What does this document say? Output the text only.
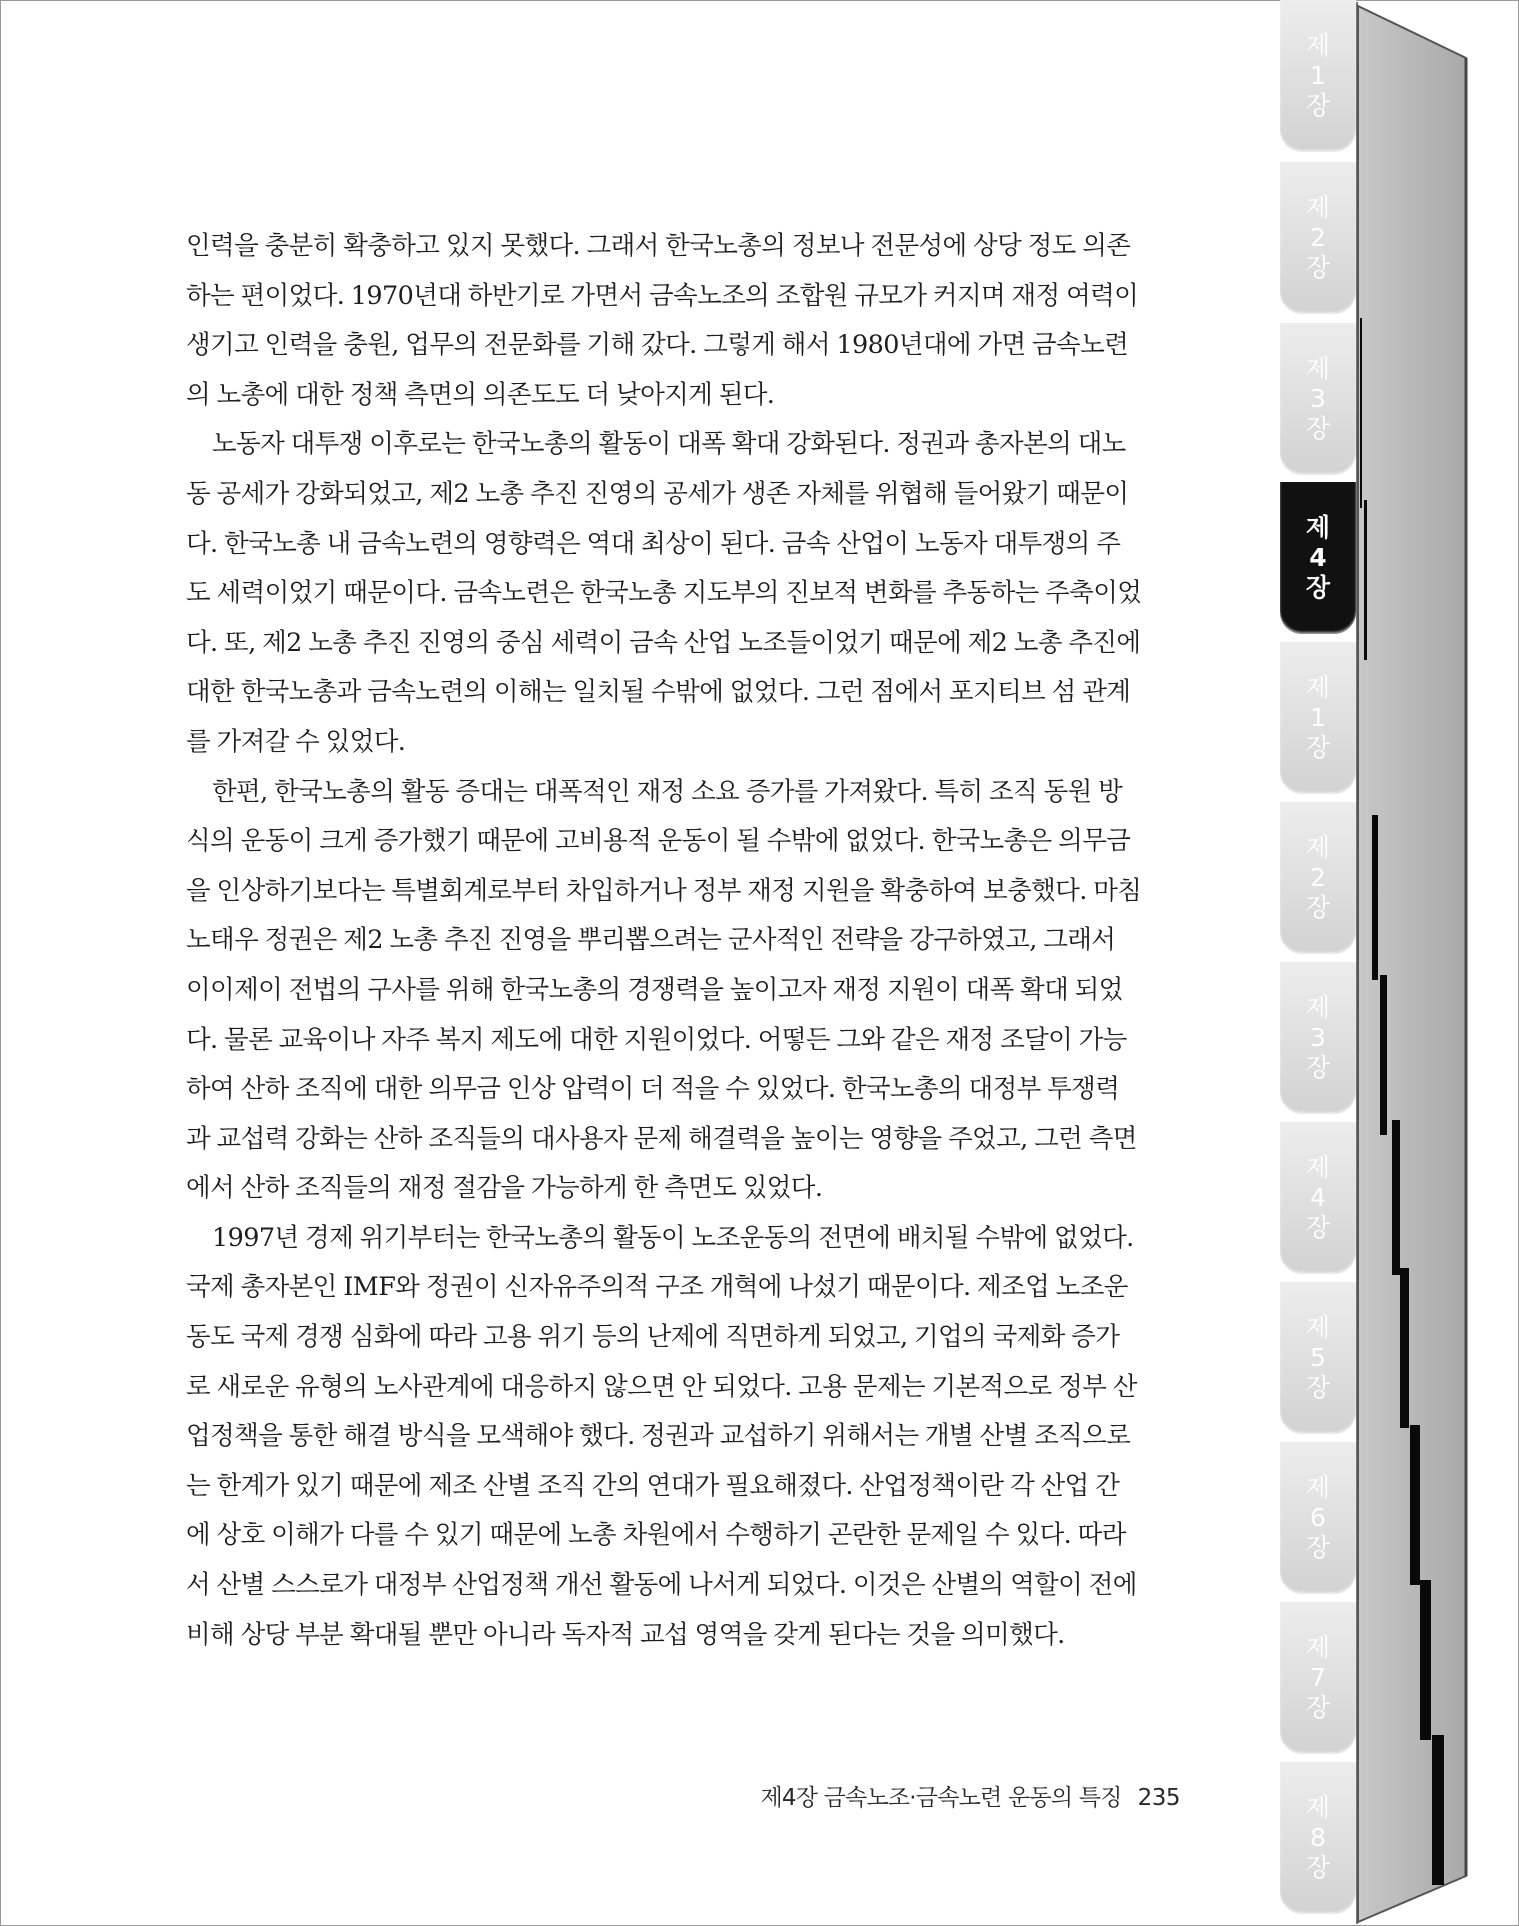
인력을 충분히 확충하고 있지 못했다. 그래서 한국노총의 정보나 전문성에 상당 정도 의존
하는 편이었다. 1970년대 하반기로 가면서 금속노조의 조합원 규모가 커지며 재정 여력이
생기고 인력을 충원, 업무의 전문화를 기해 갔다. 그렇게 해서 1980년대에 가면 금속노련
의 노총에 대한 정책 측면의 의존도도 더 낮아지게 된다.
노동자 대투쟁 이후로는 한국노총의 활동이 대폭 확대 강화된다. 정권과 총자본의 대노
동 공세가 강화되었고, 제2 노총 추진 진영의 공세가 생존 자체를 위협해 들어왔기 때문이
다. 한국노총 내 금속노련의 영향력은 역대 최상이 된다. 금속 산업이 노동자 대투쟁의 주
도 세력이었기 때문이다. 금속노련은 한국노총 지도부의 진보적 변화를 추동하는 주축이었
다. 또, 제2 노총 추진 진영의 중심 세력이 금속 산업 노조들이었기 때문에 제2 노총 추진에
대한 한국노총과 금속노련의 이해는 일치될 수밖에 없었다. 그런 점에서 포지티브 섬 관계
를 가져갈 수 있었다.
한편, 한국노총의 활동 증대는 대폭적인 재정 소요 증가를 가져왔다. 특히 조직 동원 방
식의 운동이 크게 증가했기 때문에 고비용적 운동이 될 수밖에 없었다. 한국노총은 의무금
을 인상하기보다는 특별회계로부터 차입하거나 정부 재정 지원을 확충하여 보충했다. 마침
노태우 정권은 제2 노총 추진 진영을 뿌리뽑으려는 군사적인 전략을 강구하였고, 그래서
이이제이 전법의 구사를 위해 한국노총의 경쟁력을 높이고자 재정 지원이 대폭 확대 되었
다. 물론 교육이나 자주 복지 제도에 대한 지원이었다. 어떻든 그와 같은 재정 조달이 가능
하여 산하 조직에 대한 의무금 인상 압력이 더 적을 수 있었다. 한국노총의 대정부 투쟁력
과 교섭력 강화는 산하 조직들의 대사용자 문제 해결력을 높이는 영향을 주었고, 그런 측면
에서 산하 조직들의 재정 절감을 가능하게 한 측면도 있었다.
1997년 경제 위기부터는 한국노총의 활동이 노조운동의 전면에 배치될 수밖에 없었다.
국제 총자본인 IMF와 정권이 신자유주의적 구조 개혁에 나섰기 때문이다. 제조업 노조운
동도 국제 경쟁 심화에 따라 고용 위기 등의 난제에 직면하게 되었고, 기업의 국제화 증가
로 새로운 유형의 노사관계에 대응하지 않으면 안 되었다. 고용 문제는 기본적으로 정부 산
업정책을 통한 해결 방식을 모색해야 했다. 정권과 교섭하기 위해서는 개별 산별 조직으로
는 한계가 있기 때문에 제조 산별 조직 간의 연대가 필요해졌다. 산업정책이란 각 산업 간
에 상호 이해가 다를 수 있기 때문에 노총 차원에서 수행하기 곤란한 문제일 수 있다. 따라
서 산별 스스로가 대정부 산업정책 개선 활동에 나서게 되었다. 이것은 산별의 역할이 전에
비해 상당 부분 확대될 뿐만 아니라 독자적 교섭 영역을 갖게 된다는 것을 의미했다.
제4장 금속노조·금속노련 운동의 특징 235
제
1
장
제
2
장
제
3
장
제
4
장
제
1
장
제
2
장
제
3
장
제
4
장
제
5
장
제
6
장
제
7
장
제
8
장
